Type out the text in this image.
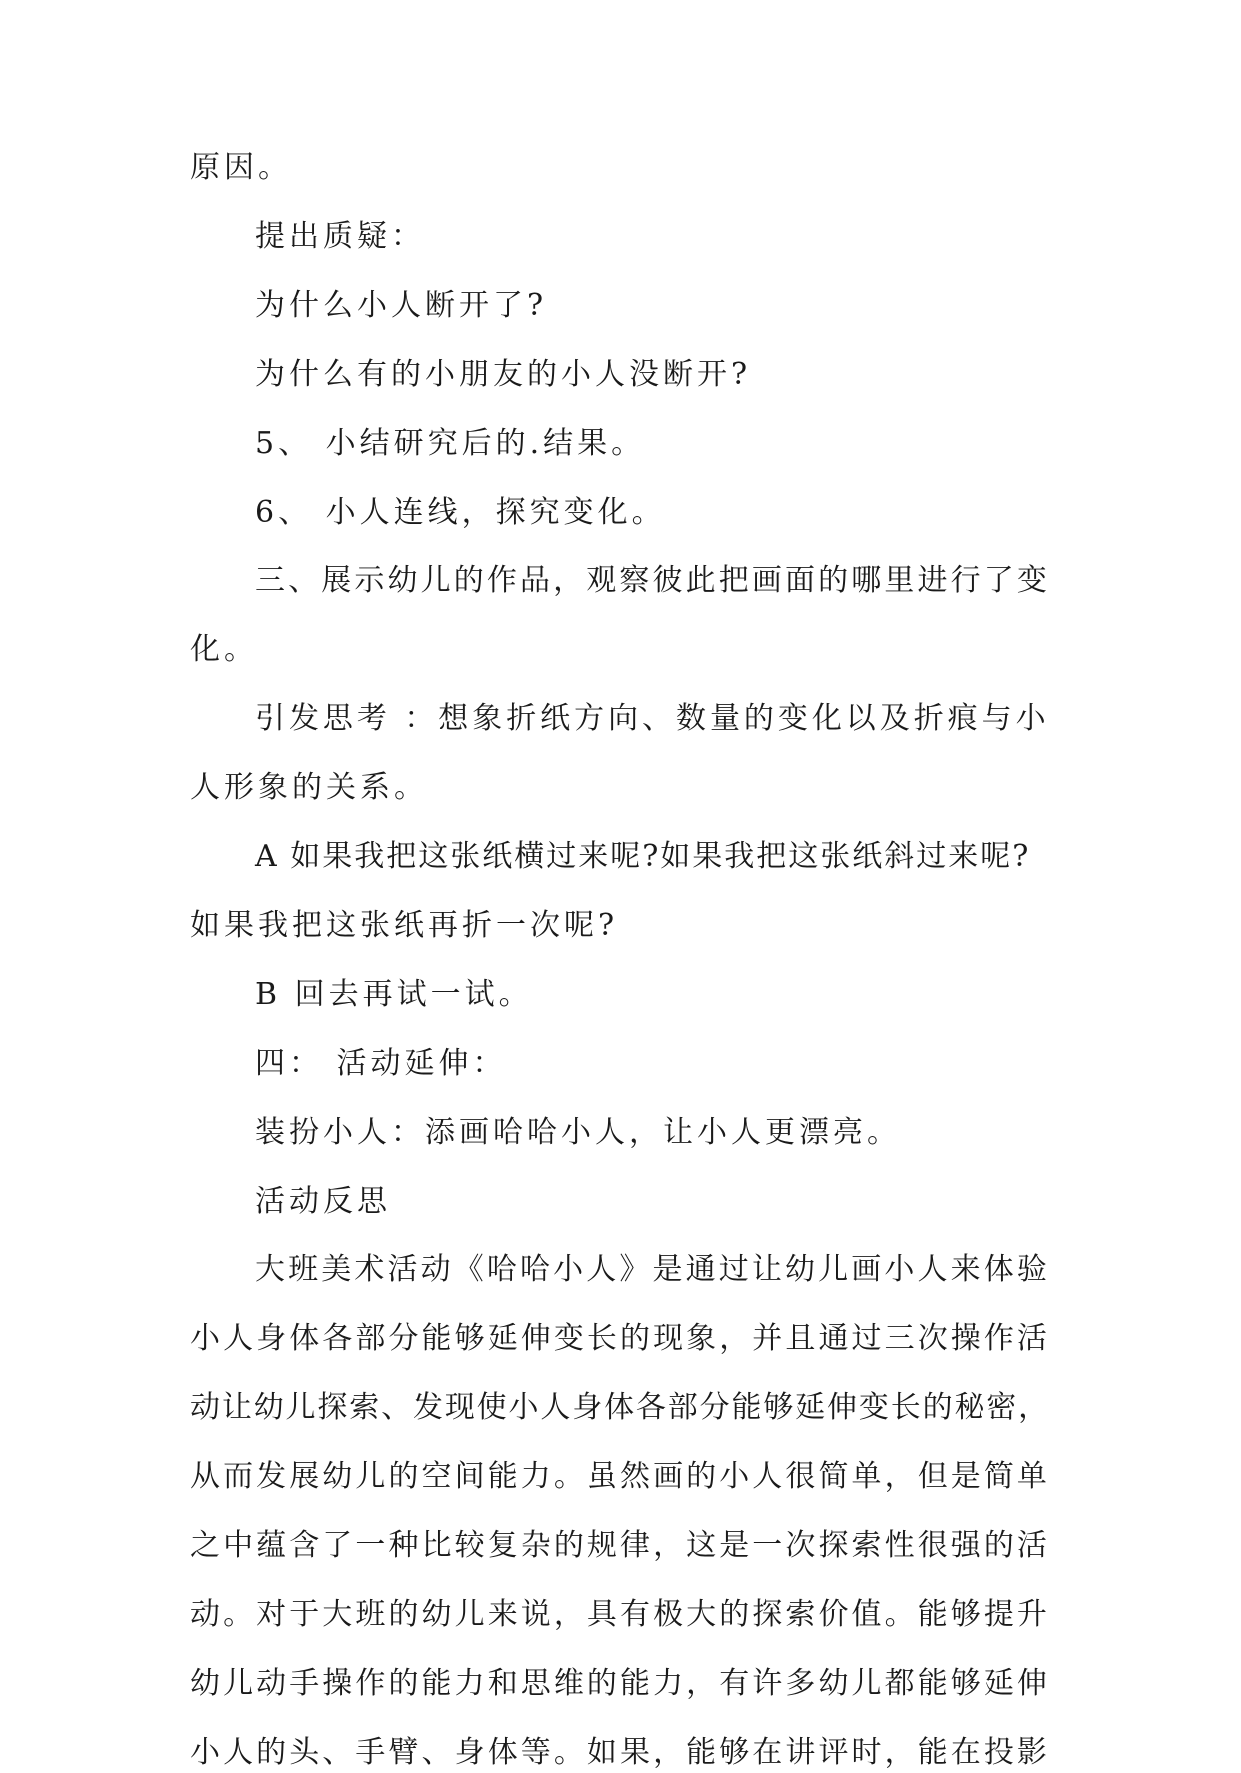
原因。
提出质疑：
为什么小人断开了?
为什么有的小朋友的小人没断开?
5、 小结研究后的.结果。
6、 小人连线，探究变化。
三、展示幼儿的作品，观察彼此把画面的哪里进行了变
化。
引发思考 ：想象折纸方向、数量的变化以及折痕与小
人形象的关系。
A 如果我把这张纸横过来呢?如果我把这张纸斜过来呢?
如果我把这张纸再折一次呢?
B 回去再试一试。
四： 活动延伸：
装扮小人：添画哈哈小人，让小人更漂亮。
活动反思
大班美术活动《哈哈小人》是通过让幼儿画小人来体验
小人身体各部分能够延伸变长的现象，并且通过三次操作活
动让幼儿探索、发现使小人身体各部分能够延伸变长的秘密，
从而发展幼儿的空间能力。虽然画的小人很简单，但是简单
之中蕴含了一种比较复杂的规律，这是一次探索性很强的活
动。对于大班的幼儿来说，具有极大的探索价值。能够提升
幼儿动手操作的能力和思维的能力，有许多幼儿都能够延伸
小人的头、手臂、身体等。如果，能够在讲评时，能在投影
